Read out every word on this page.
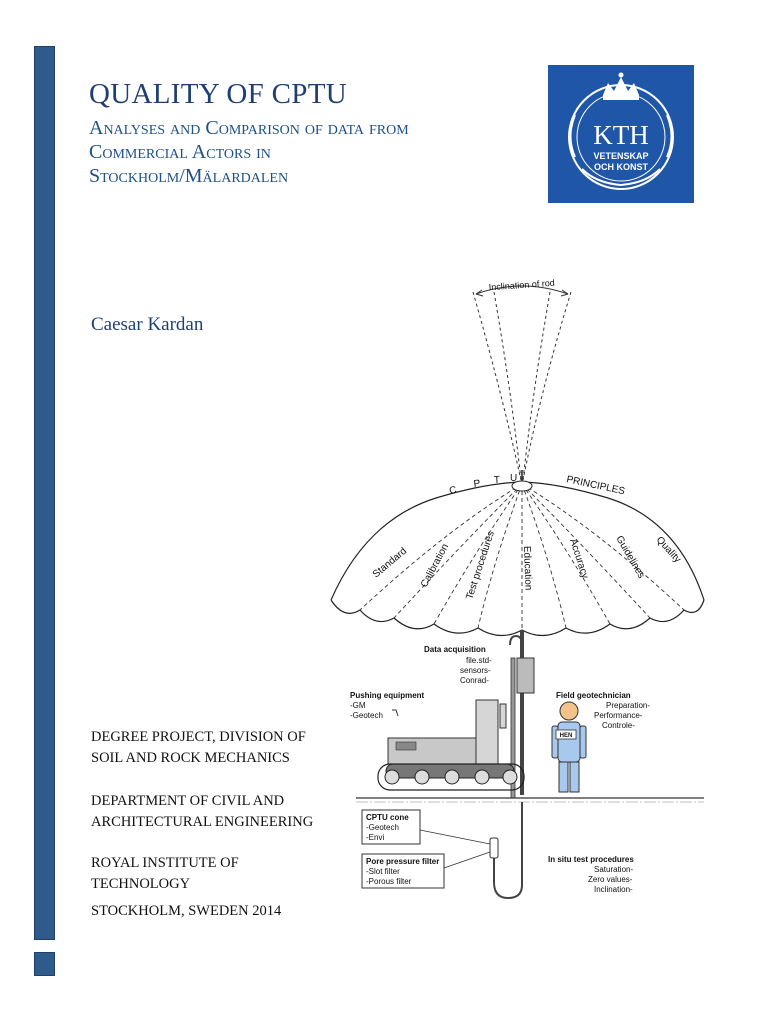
QUALITY OF CPTU
Analyses and Comparison of data from
Commercial Actors in
Stockholm/Mälardalen
KTH
VETENSKAP
OCH KONST
Caesar Kardan
DEGREE PROJECT, DIVISION OF SOIL AND ROCK MECHANICS
DEPARTMENT OF CIVIL AND ARCHITECTURAL ENGINEERING
ROYAL INSTITUTE OF TECHNOLOGY
STOCKHOLM, SWEDEN 2014
Inclination of rod
C
P T U	PRINCIPLES
Standard Calibration Test procedures Education	Accuracy Guidelines Quality
Data acquisition
file.std-
sensors-
Conrad-
Pushing equipment
-GM
-Geotech
Field geotechnician
Preparation-
Performance-
Controle-
HEN
CPTU cone
-Geotech
-Envi
Pore pressure filter
-Slot filter
-Porous filter
In situ test procedures
Saturation-
Zero values-
Inclination-
